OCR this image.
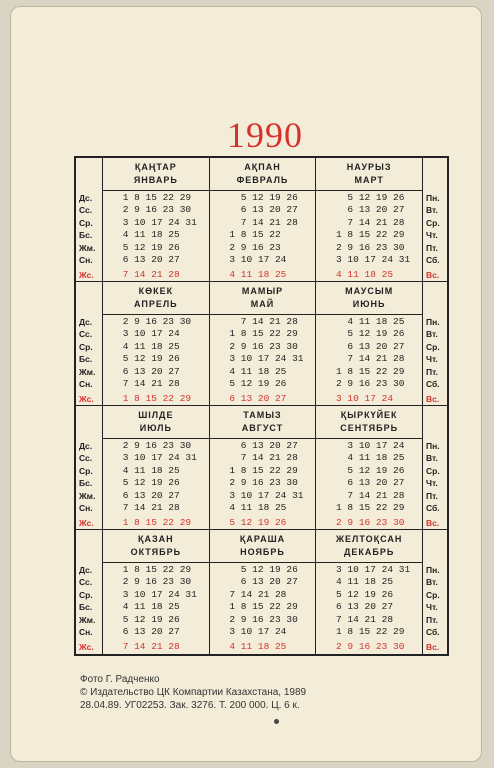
1990
Дс.
Сс.
Ср.
Бс.
Жм.
Сн.
Жс.
Пн.
Вт.
Ср.
Чт.
Пт.
Сб.
Вс.
ҚАҢТАР
ЯНВАРЬ
1 8 15 22 29
2 9 16 23 30
3 10 17 24 31
4 11 18 25
5 12 19 26
6 13 20 27
7 14 21 28
АҚПАН
ФЕВРАЛЬ
5 12 19 26
6 13 20 27
7 14 21 28
1 8 15 22
2 9 16 23
3 10 17 24
4 11 18 25
НАУРЫЗ
МАРТ
5 12 19 26
6 13 20 27
7 14 21 28
1 8 15 22 29
2 9 16 23 30
3 10 17 24 31
4 11 18 25
Дс.
Сс.
Ср.
Бс.
Жм.
Сн.
Жс.
Пн.
Вт.
Ср.
Чт.
Пт.
Сб.
Вс.
КӨКЕК
АПРЕЛЬ
2 9 16 23 30
3 10 17 24
4 11 18 25
5 12 19 26
6 13 20 27
7 14 21 28
1 8 15 22 29
МАМЫР
МАЙ
7 14 21 28
1 8 15 22 29
2 9 16 23 30
3 10 17 24 31
4 11 18 25
5 12 19 26
6 13 20 27
МАУСЫМ
ИЮНЬ
4 11 18 25
5 12 19 26
6 13 20 27
7 14 21 28
1 8 15 22 29
2 9 16 23 30
3 10 17 24
Дс.
Сс.
Ср.
Бс.
Жм.
Сн.
Жс.
Пн.
Вт.
Ср.
Чт.
Пт.
Сб.
Вс.
ШІЛДЕ
ИЮЛЬ
2 9 16 23 30
3 10 17 24 31
4 11 18 25
5 12 19 26
6 13 20 27
7 14 21 28
1 8 15 22 29
ТАМЫЗ
АВГУСТ
6 13 20 27
7 14 21 28
1 8 15 22 29
2 9 16 23 30
3 10 17 24 31
4 11 18 25
5 12 19 26
ҚЫРКҮЙЕК
СЕНТЯБРЬ
3 10 17 24
4 11 18 25
5 12 19 26
6 13 20 27
7 14 21 28
1 8 15 22 29
2 9 16 23 30
Дс.
Сс.
Ср.
Бс.
Жм.
Сн.
Жс.
Пн.
Вт.
Ср.
Чт.
Пт.
Сб.
Вс.
ҚАЗАН
ОКТЯБРЬ
1 8 15 22 29
2 9 16 23 30
3 10 17 24 31
4 11 18 25
5 12 19 26
6 13 20 27
7 14 21 28
ҚАРАША
НОЯБРЬ
5 12 19 26
6 13 20 27
7 14 21 28
1 8 15 22 29
2 9 16 23 30
3 10 17 24
4 11 18 25
ЖЕЛТОҚСАН
ДЕКАБРЬ
3 10 17 24 31
4 11 18 25
5 12 19 26
6 13 20 27
7 14 21 28
1 8 15 22 29
2 9 16 23 30
Фото Г. Радченко
© Издательство ЦК Компартии Казахстана, 1989
28.04.89. УГ02253. Зак. 3276. Т. 200 000. Ц. 6 к.
